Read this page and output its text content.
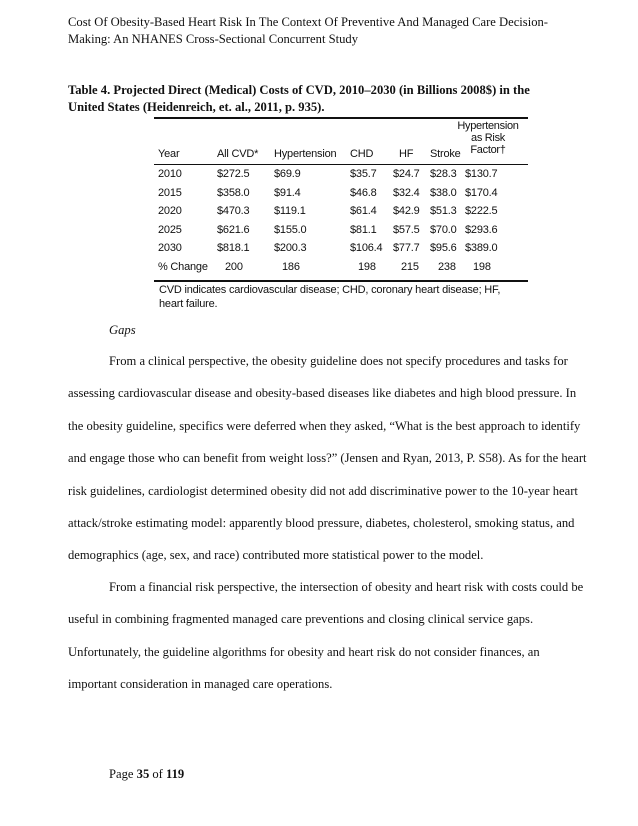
Cost Of Obesity-Based Heart Risk In The Context Of Preventive And Managed Care Decision-
Making: An NHANES Cross-Sectional Concurrent Study
Table 4. Projected Direct (Medical) Costs of CVD, 2010–2030 (in Billions 2008$) in the
United States (Heidenreich, et. al., 2011, p. 935).
Hypertension
as Risk
Factor†
Year	All CVD* Hypertension CHD HF Stroke
2010	$272.5 $69.9	$35.7 $24.7 $28.3 $130.7
2015	$358.0 $91.4	$46.8 $32.4 $38.0 $170.4
2020	$470.3 $119.1	$61.4 $42.9 $51.3 $222.5
2025	$621.6 $155.0	$81.1 $57.5 $70.0 $293.6
2030	$818.1 $200.3	$106.4 $77.7 $95.6 $389.0
% Change 200	186	198 215 238 198
CVD indicates cardiovascular disease; CHD, coronary heart disease; HF,
heart failure.
Gaps

From a clinical perspective, the obesity guideline does not specify procedures and tasks for assessing cardiovascular disease and obesity-based diseases like diabetes and high blood pressure. In the obesity guideline, specifics were deferred when they asked, “What is the best approach to identify and engage those who can benefit from weight loss?” (Jensen and Ryan, 2013, P. S58). As for the heart risk guidelines, cardiologist determined obesity did not add discriminative power to the 10-year heart attack/stroke estimating model: apparently blood pressure, diabetes, cholesterol, smoking status, and demographics (age, sex, and race) contributed more statistical power to the model.

From a financial risk perspective, the intersection of obesity and heart risk with costs could be useful in combining fragmented managed care preventions and closing clinical service gaps. Unfortunately, the guideline algorithms for obesity and heart risk do not consider finances, an important consideration in managed care operations.

Page 35 of 119
